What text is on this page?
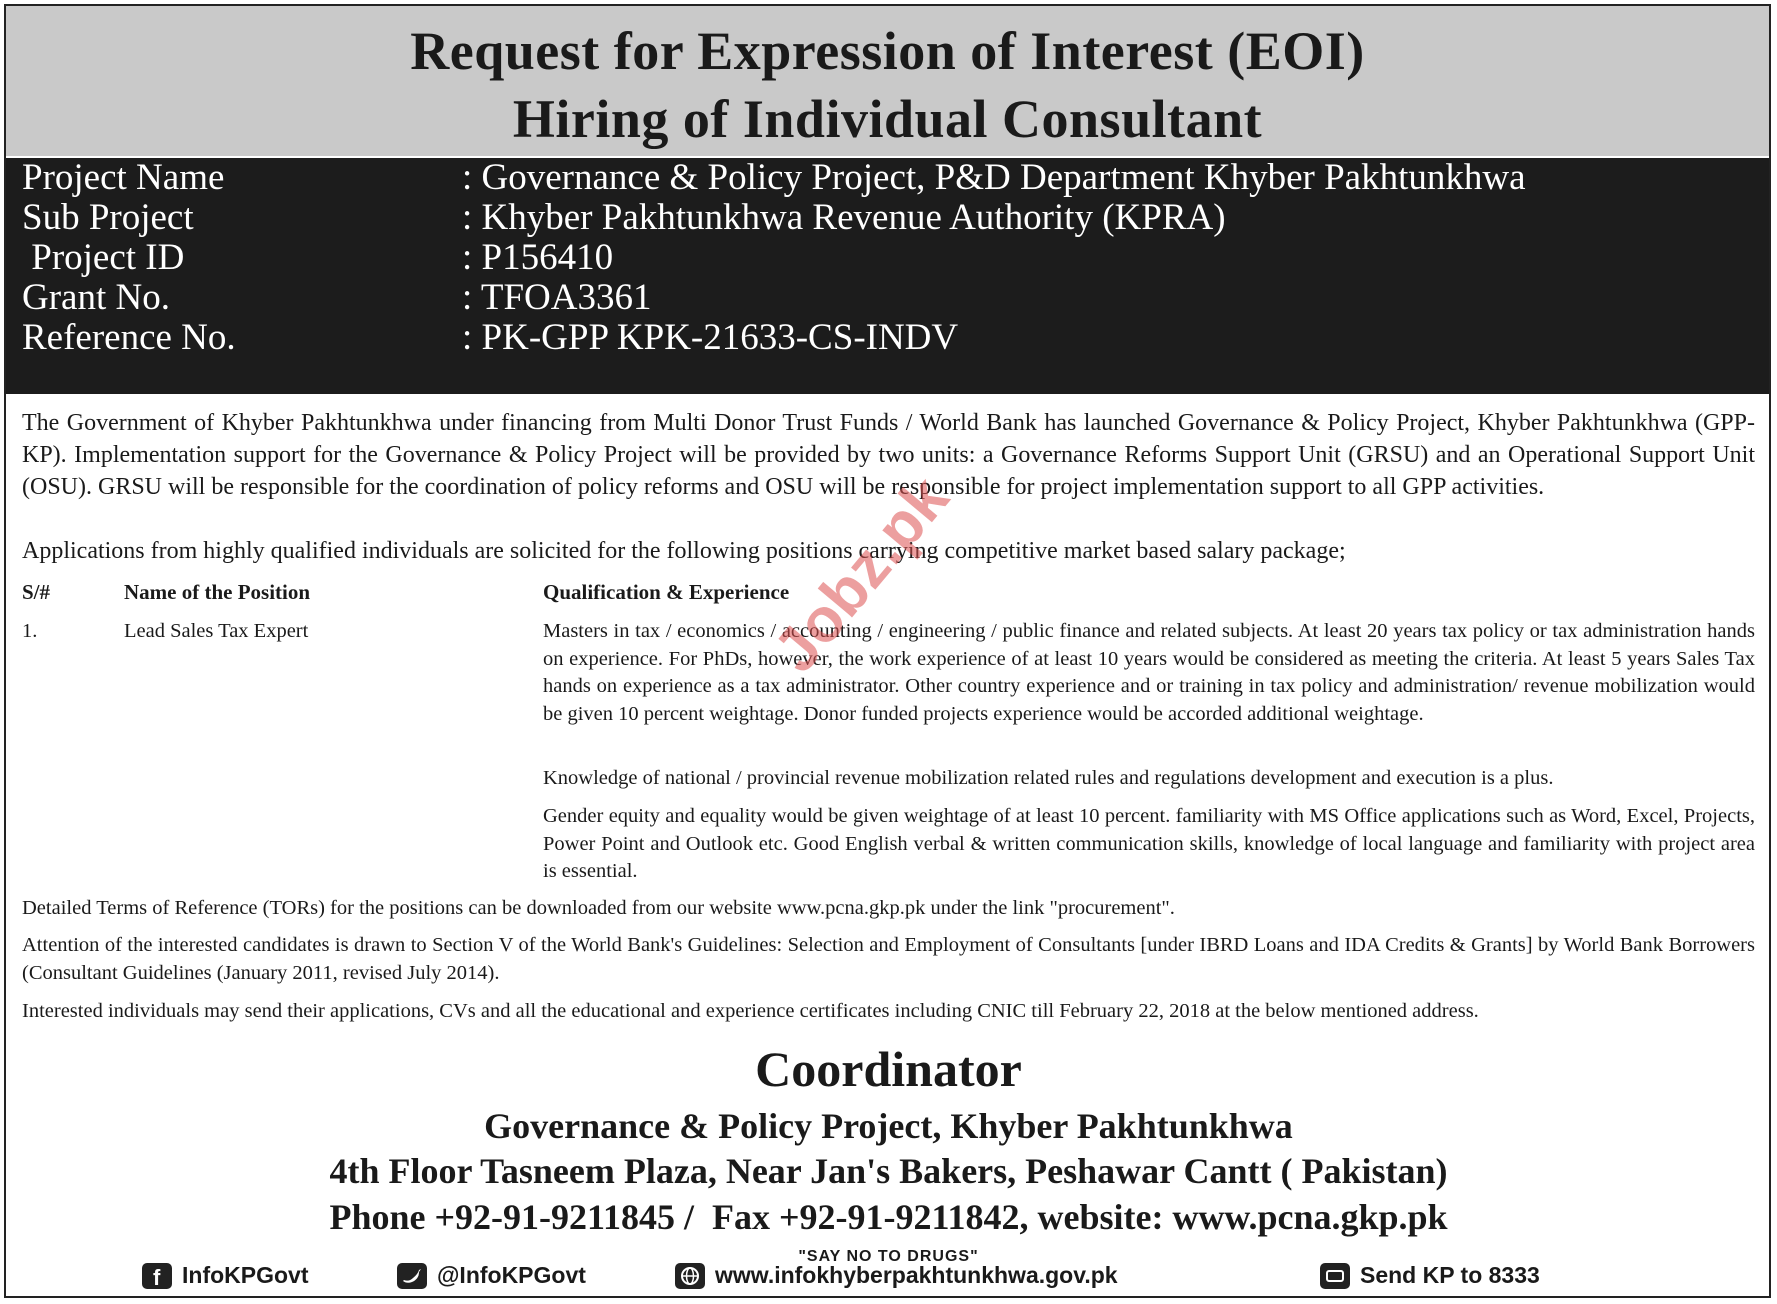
Request for Expression of Interest (EOI)
Hiring of Individual Consultant
Project Name	: Governance & Policy Project, P&D Department Khyber Pakhtunkhwa
Sub Project	: Khyber Pakhtunkhwa Revenue Authority (KPRA)
Project ID	: P156410
Grant No.	: TFOA3361
Reference No.	: PK-GPP KPK-21633-CS-INDV
The Government of Khyber Pakhtunkhwa under financing from Multi Donor Trust Funds / World Bank has launched Governance & Policy Project, Khyber Pakhtunkhwa (GPP-KP). Implementation support for the Governance & Policy Project will be provided by two units: a Governance Reforms Support Unit (GRSU) and an Operational Support Unit (OSU). GRSU will be responsible for the coordination of policy reforms and OSU will be responsible for project implementation support to all GPP activities.
Applications from highly qualified individuals are solicited for the following positions carrying competitive market based salary package;
S/#	Name of the Position	Qualification & Experience
1.	Lead Sales Tax Expert	Masters in tax / economics / accounting / engineering / public finance and related subjects. At least 20 years tax policy or tax administration hands on experience. For PhDs, however, the work experience of at least 10 years would be considered as meeting the criteria. At least 5 years Sales Tax hands on experience as a tax administrator. Other country experience and or training in tax policy and administration/ revenue mobilization would be given 10 percent weightage. Donor funded projects experience would be accorded additional weightage.
Knowledge of national / provincial revenue mobilization related rules and regulations development and execution is a plus.
Gender equity and equality would be given weightage of at least 10 percent. familiarity with MS Office applications such as Word, Excel, Projects, Power Point and Outlook etc. Good English verbal & written communication skills, knowledge of local language and familiarity with project area is essential.
Detailed Terms of Reference (TORs) for the positions can be downloaded from our website www.pcna.gkp.pk under the link "procurement".
Attention of the interested candidates is drawn to Section V of the World Bank's Guidelines: Selection and Employment of Consultants [under IBRD Loans and IDA Credits & Grants] by World Bank Borrowers (Consultant Guidelines (January 2011, revised July 2014).
Interested individuals may send their applications, CVs and all the educational and experience certificates including CNIC till February 22, 2018 at the below mentioned address.
Coordinator
Governance & Policy Project, Khyber Pakhtunkhwa
4th Floor Tasneem Plaza, Near Jan's Bakers, Peshawar Cantt ( Pakistan)
Phone +92-91-9211845 /  Fax +92-91-9211842, website: www.pcna.gkp.pk
"SAY NO TO DRUGS"
f InfoKPGovt	@InfoKPGovt	www.infokhyberpakhtunkhwa.gov.pk	Send KP to 8333
Jobz.pk
